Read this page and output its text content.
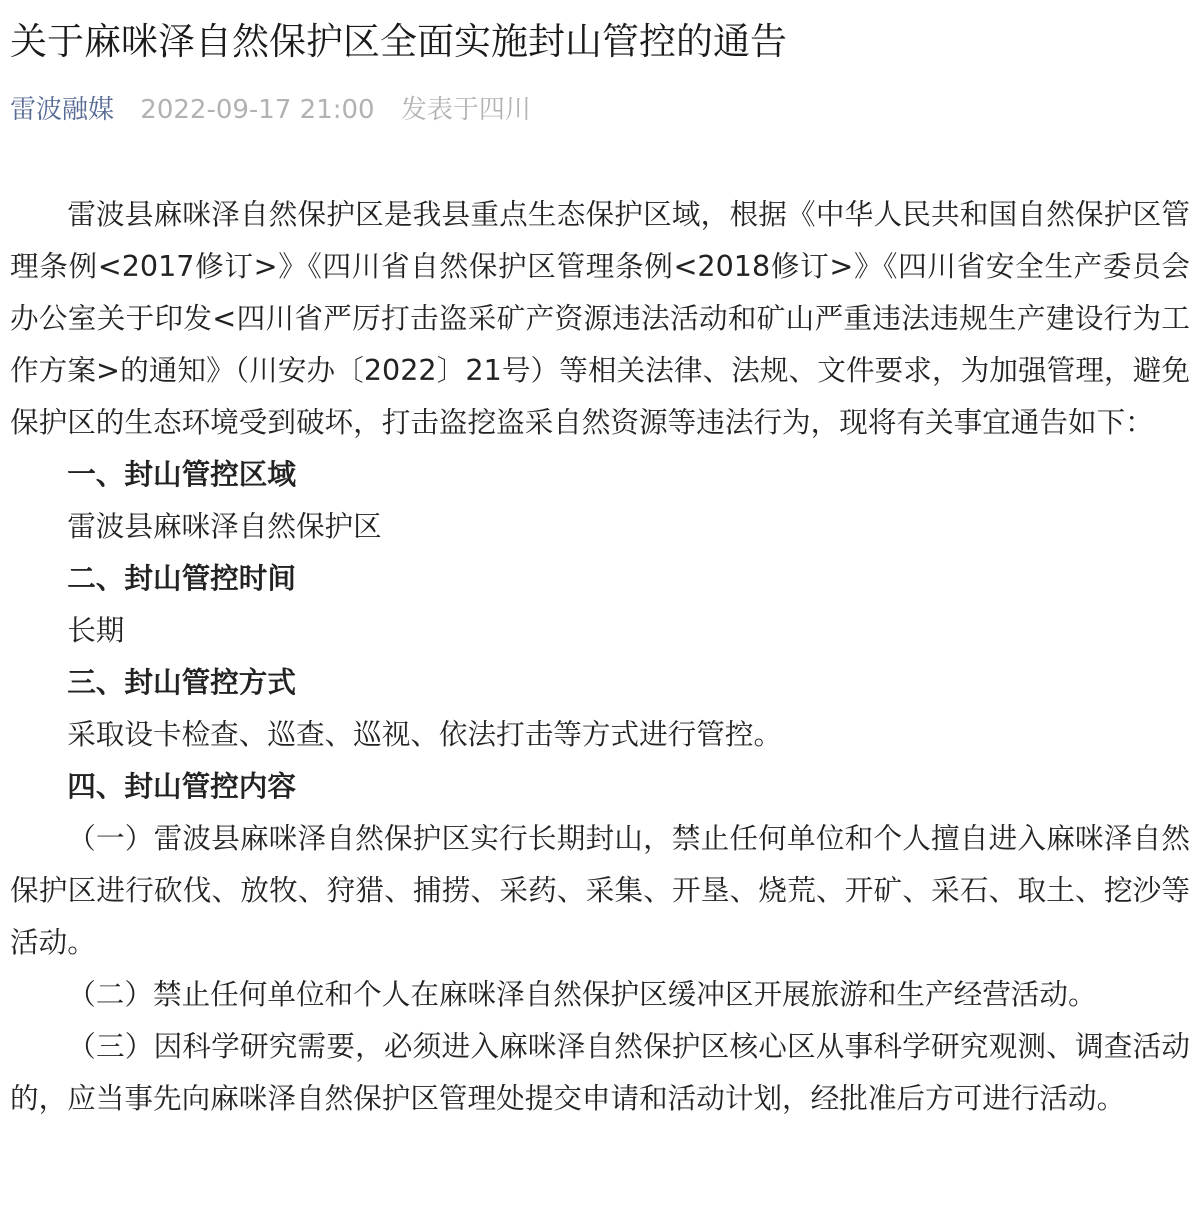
关于麻咪泽自然保护区全面实施封山管控的通告
雷波融媒 2022-09-17 21:00 发表于四川

雷波县麻咪泽自然保护区是我县重点生态保护区域，根据《中华人民共和国自然保护区管理条例<2017修订>》《四川省自然保护区管理条例<2018修订>》《四川省安全生产委员会办公室关于印发<四川省严厉打击盗采矿产资源违法活动和矿山严重违法违规生产建设行为工作方案>的通知》（川安办〔2022〕21号）等相关法律、法规、文件要求，为加强管理，避免保护区的生态环境受到破坏，打击盗挖盗采自然资源等违法行为，现将有关事宜通告如下：

一、封山管控区域

雷波县麻咪泽自然保护区

二、封山管控时间

长期

三、封山管控方式

采取设卡检查、巡查、巡视、依法打击等方式进行管控。

四、封山管控内容

（一）雷波县麻咪泽自然保护区实行长期封山，禁止任何单位和个人擅自进入麻咪泽自然保护区进行砍伐、放牧、狩猎、捕捞、采药、采集、开垦、烧荒、开矿、采石、取土、挖沙等活动。

（二）禁止任何单位和个人在麻咪泽自然保护区缓冲区开展旅游和生产经营活动。

（三）因科学研究需要，必须进入麻咪泽自然保护区核心区从事科学研究观测、调查活动的，应当事先向麻咪泽自然保护区管理处提交申请和活动计划，经批准后方可进行活动。
